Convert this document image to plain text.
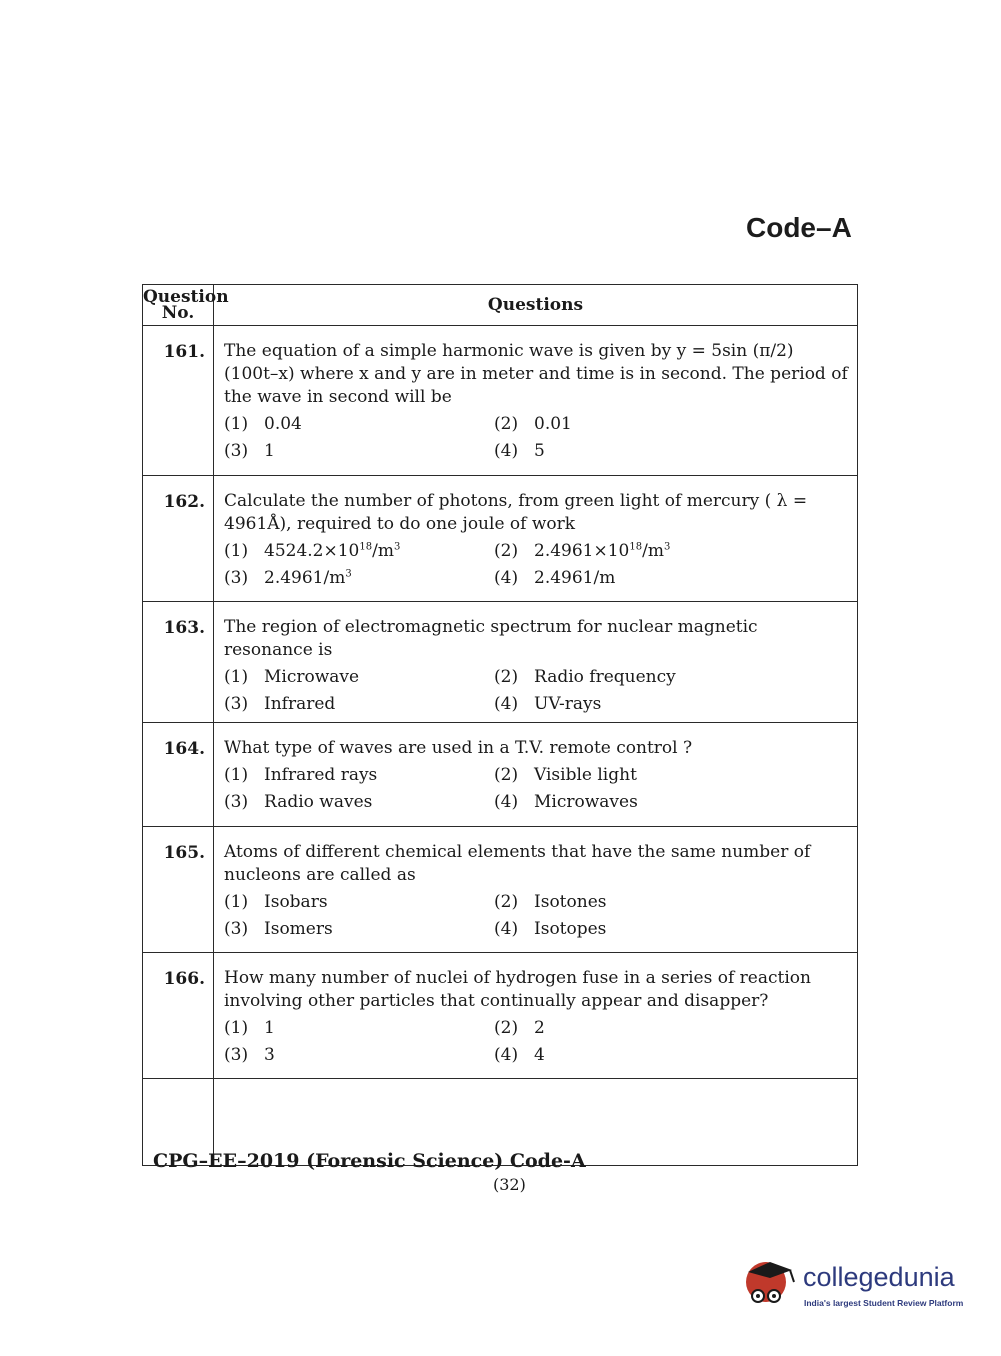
Code–A
Question No.	Questions
161.	The equation of a simple harmonic wave is given by y = 5sin (π/2) (100t–x) where x and y are in meter and time is in second. The period of the wave in second will be
(1) 0.04 (2) 0.01
(3) 1 (4) 5

162.	Calculate the number of photons, from green light of mercury ( λ = 4961Å), required to do one joule of work
(1) $4524.2\times 10^{18}/m^3$ (2) $2.4961\times 10^{18}/m^3$
(3) $2.4961/m^3$ (4) 2.4961/m

163.	The region of electromagnetic spectrum for nuclear magnetic resonance is
(1) Microwave (2) Radio frequency
(3) Infrared (4) UV-rays

164.	What type of waves are used in a T.V. remote control ?
(1) Infrared rays (2) Visible light
(3) Radio waves (4) Microwaves

165.	Atoms of different chemical elements that have the same number of nucleons are called as
(1) Isobars (2) Isotones
(3) Isomers (4) Isotopes

166.	How many number of nuclei of hydrogen fuse in a series of reaction involving other particles that continually appear and disapper?
(1) 1 (2) 2
(3) 3 (4) 4

CPG–EE–2019 (Forensic Science) Code-A
(32)
collegedunia
India's largest Student Review Platform
